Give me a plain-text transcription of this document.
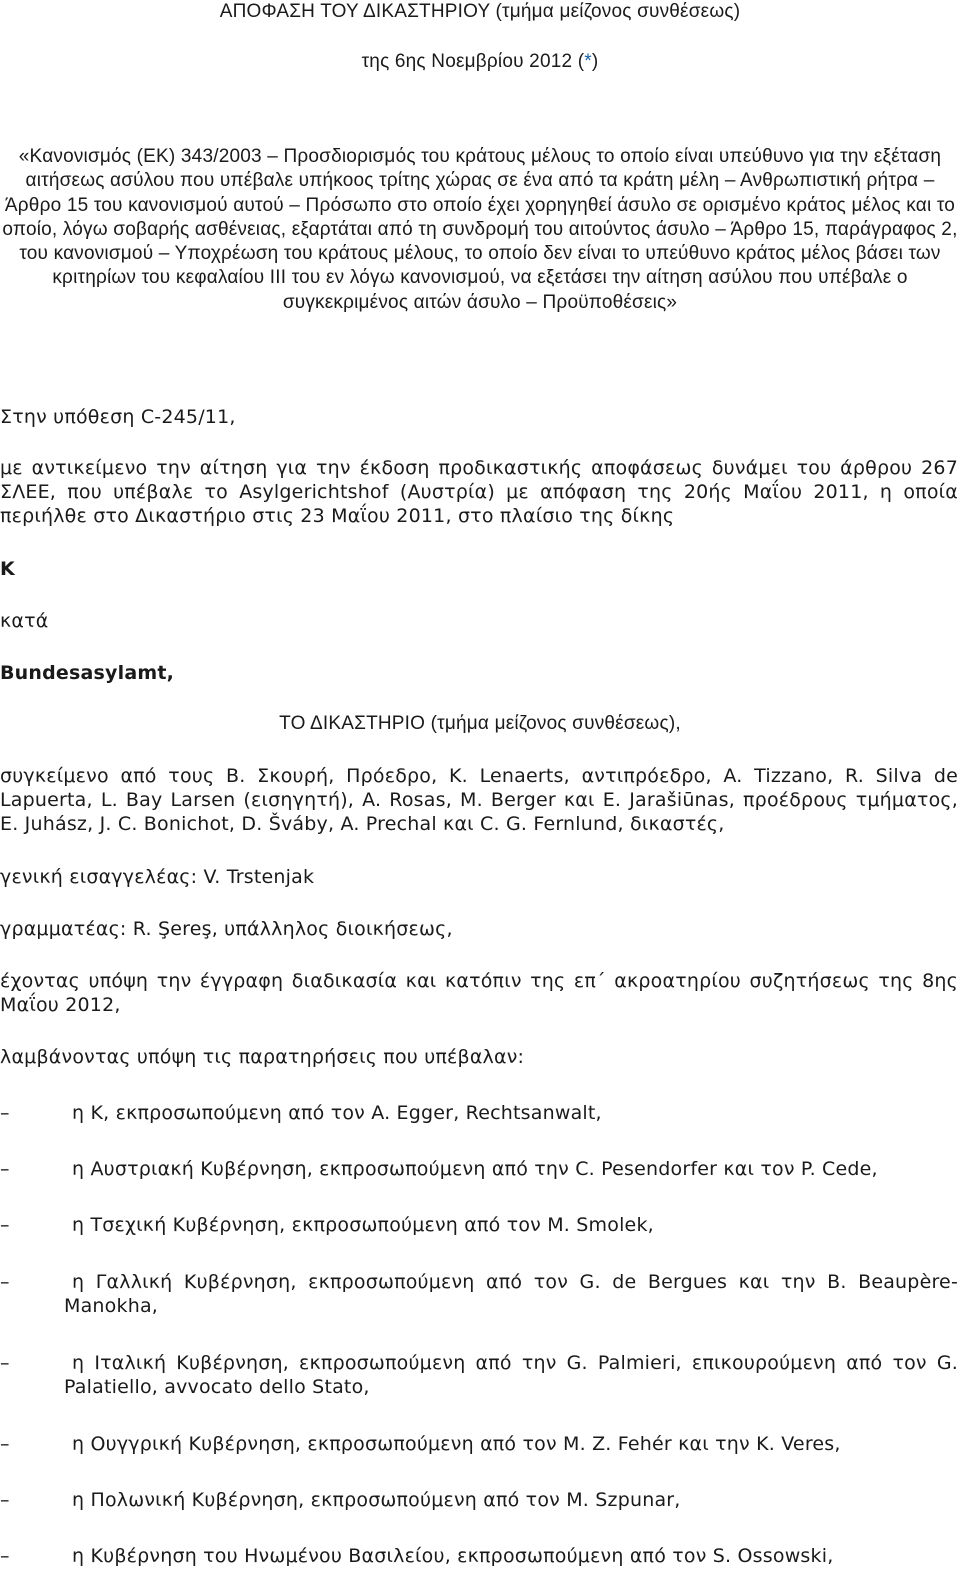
ΑΠΟΦΑΣΗ ΤΟΥ ΔΙΚΑΣΤΗΡΙΟΥ (τμήμα μείζονος συνθέσεως)
της 6ης Νοεμβρίου 2012 (*)
«Κανονισμός (ΕΚ) 343/2003 – Προσδιορισμός του κράτους μέλους το οποίο είναι υπεύθυνο για την εξέταση αιτήσεως ασύλου που υπέβαλε υπήκοος τρίτης χώρας σε ένα από τα κράτη μέλη – Ανθρωπιστική ρήτρα – Άρθρο 15 του κανονισμού αυτού – Πρόσωπο στο οποίο έχει χορηγηθεί άσυλο σε ορισμένο κράτος μέλος και το οποίο, λόγω σοβαρής ασθένειας, εξαρτάται από τη συνδρομή του αιτούντος άσυλο – Άρθρο 15, παράγραφος 2, του κανονισμού – Υποχρέωση του κράτους μέλους, το οποίο δεν είναι το υπεύθυνο κράτος μέλος βάσει των κριτηρίων του κεφαλαίου III του εν λόγω κανονισμού, να εξετάσει την αίτηση ασύλου που υπέβαλε ο συγκεκριμένος αιτών άσυλο – Προϋποθέσεις»
Στην υπόθεση C-245/11,
με αντικείμενο την αίτηση για την έκδοση προδικαστικής αποφάσεως δυνάμει του άρθρου 267 ΣΛΕΕ, που υπέβαλε το Asylgerichtshof (Αυστρία) με απόφαση της 20ής Μαΐου 2011, η οποία περιήλθε στο Δικαστήριο στις 23 Μαΐου 2011, στο πλαίσιο της δίκης
K
κατά
Bundesasylamt,
ΤΟ ΔΙΚΑΣΤΗΡΙΟ (τμήμα μείζονος συνθέσεως),
συγκείμενο από τους Β. Σκουρή, Πρόεδρο, K. Lenaerts, αντιπρόεδρο, A. Tizzano, R. Silva de Lapuerta, L. Bay Larsen (εισηγητή), A. Rosas, M. Berger και E. Jarašiūnas, προέδρους τμήματος, E. Juhász, J. C. Bonichot, D. Šváby, A. Prechal και C. G. Fernlund, δικαστές,
γενική εισαγγελέας: V. Trstenjak
γραμματέας: R. Şereş, υπάλληλος διοικήσεως,
έχοντας υπόψη την έγγραφη διαδικασία και κατόπιν της επ΄ ακροατηρίου συζητήσεως της 8ης Μαΐου 2012,
λαμβάνοντας υπόψη τις παρατηρήσεις που υπέβαλαν:
–	η K, εκπροσωπούμενη από τον A. Egger, Rechtsanwalt,
–	η Αυστριακή Κυβέρνηση, εκπροσωπούμενη από την C. Pesendorfer και τον P. Cede,
–	η Τσεχική Κυβέρνηση, εκπροσωπούμενη από τον M. Smolek,
–	η Γαλλική Κυβέρνηση, εκπροσωπούμενη από τον G. de Bergues και την B. Beaupère-Manokha,
–	η Ιταλική Κυβέρνηση, εκπροσωπούμενη από την G. Palmieri, επικουρούμενη από τον G. Palatiello, avvocato dello Stato,
–	η Ουγγρική Κυβέρνηση, εκπροσωπούμενη από τον M. Z. Fehér και την K. Veres,
–	η Πολωνική Κυβέρνηση, εκπροσωπούμενη από τον M. Szpunar,
–	η Κυβέρνηση του Ηνωμένου Βασιλείου, εκπροσωπούμενη από τον S. Ossowski,
